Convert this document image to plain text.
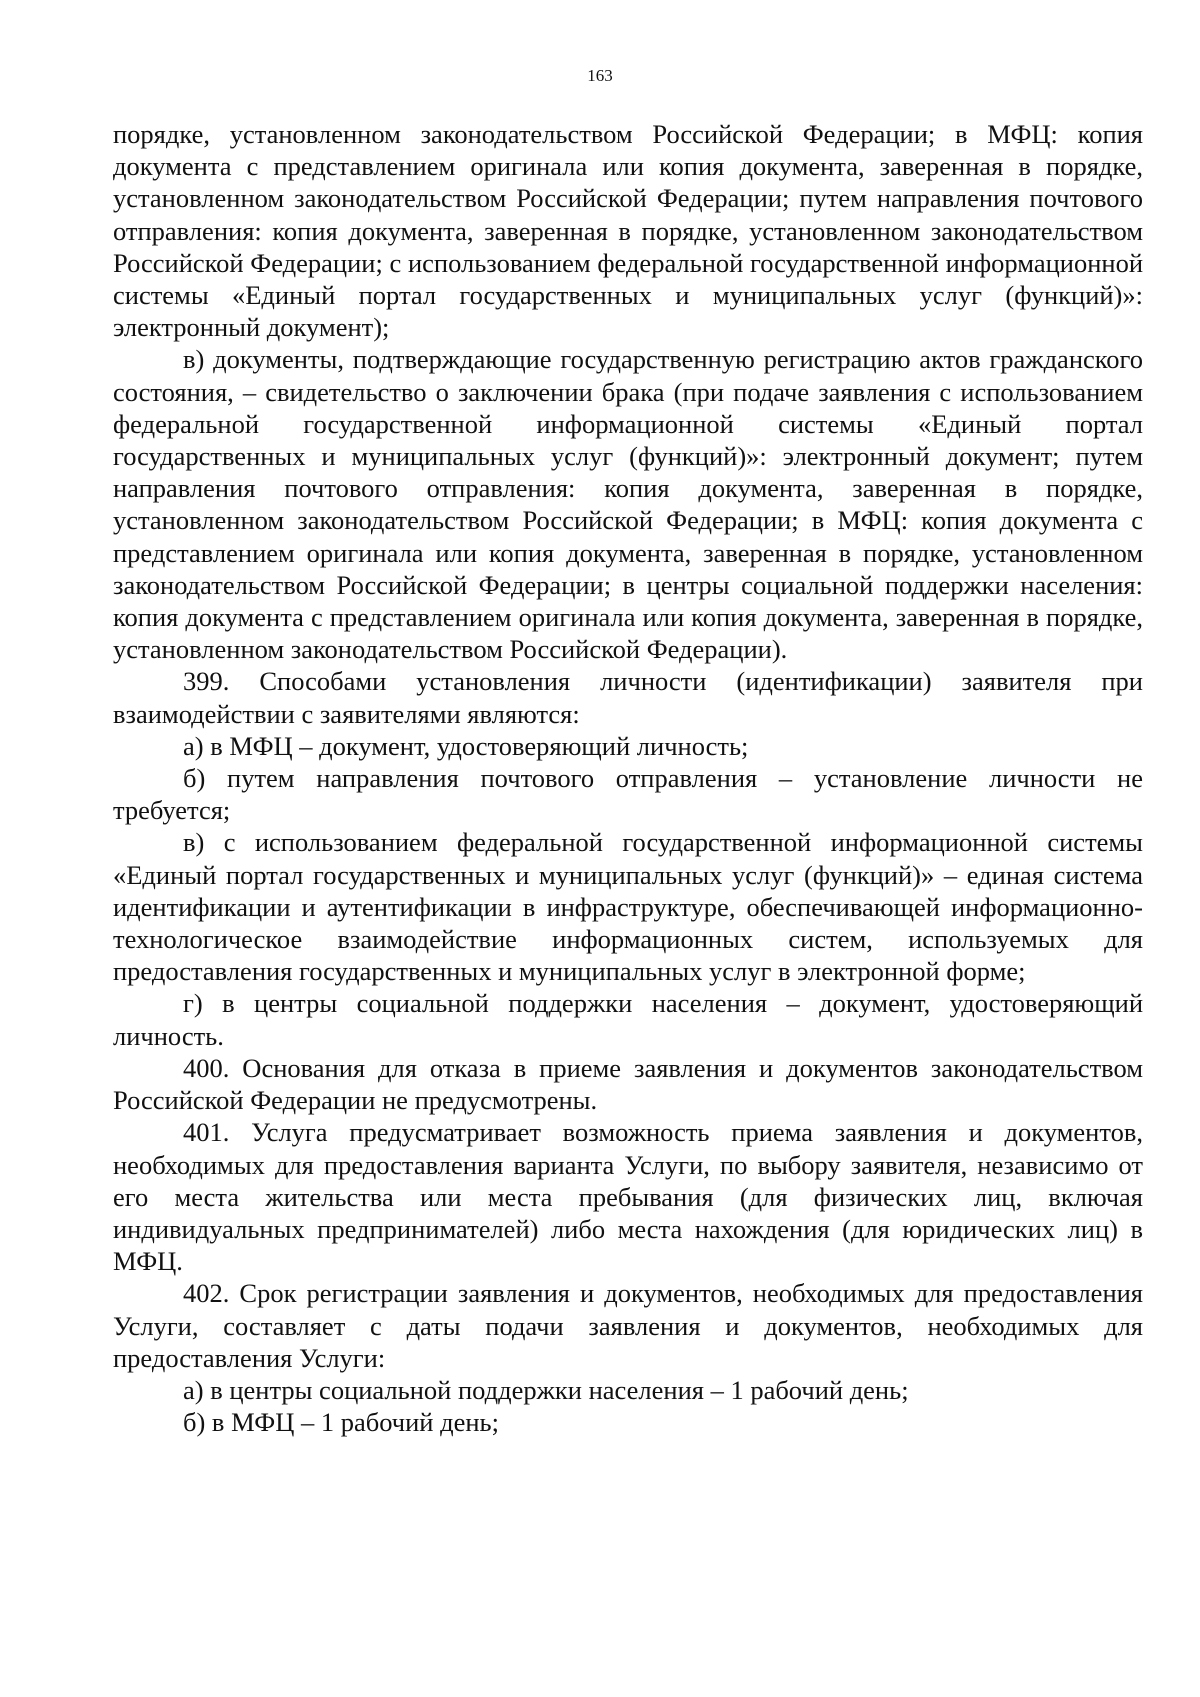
163

порядке, установленном законодательством Российской Федерации; в МФЦ: копия документа с представлением оригинала или копия документа, заверенная в порядке, установленном законодательством Российской Федерации; путем направления почтового отправления: копия документа, заверенная в порядке, установленном законодательством Российской Федерации; с использованием федеральной государственной информационной системы «Единый портал государственных и муниципальных услуг (функций)»: электронный документ);

в) документы, подтверждающие государственную регистрацию актов гражданского состояния, – свидетельство о заключении брака (при подаче заявления с использованием федеральной государственной информационной системы «Единый портал государственных и муниципальных услуг (функций)»: электронный документ; путем направления почтового отправления: копия документа, заверенная в порядке, установленном законодательством Российской Федерации; в МФЦ: копия документа с представлением оригинала или копия документа, заверенная в порядке, установленном законодательством Российской Федерации; в центры социальной поддержки населения: копия документа с представлением оригинала или копия документа, заверенная в порядке, установленном законодательством Российской Федерации).

399. Способами установления личности (идентификации) заявителя при взаимодействии с заявителями являются:

а) в МФЦ – документ, удостоверяющий личность;

б) путем направления почтового отправления – установление личности не требуется;

в) с использованием федеральной государственной информационной системы «Единый портал государственных и муниципальных услуг (функций)» – единая система идентификации и аутентификации в инфраструктуре, обеспечивающей информационно-технологическое взаимодействие информационных систем, используемых для предоставления государственных и муниципальных услуг в электронной форме;

г) в центры социальной поддержки населения – документ, удостоверяющий личность.

400. Основания для отказа в приеме заявления и документов законодательством Российской Федерации не предусмотрены.

401. Услуга предусматривает возможность приема заявления и документов, необходимых для предоставления варианта Услуги, по выбору заявителя, независимо от его места жительства или места пребывания (для физических лиц, включая индивидуальных предпринимателей) либо места нахождения (для юридических лиц) в МФЦ.

402. Срок регистрации заявления и документов, необходимых для предоставления Услуги, составляет с даты подачи заявления и документов, необходимых для предоставления Услуги:

а) в центры социальной поддержки населения – 1 рабочий день;

б) в МФЦ – 1 рабочий день;
